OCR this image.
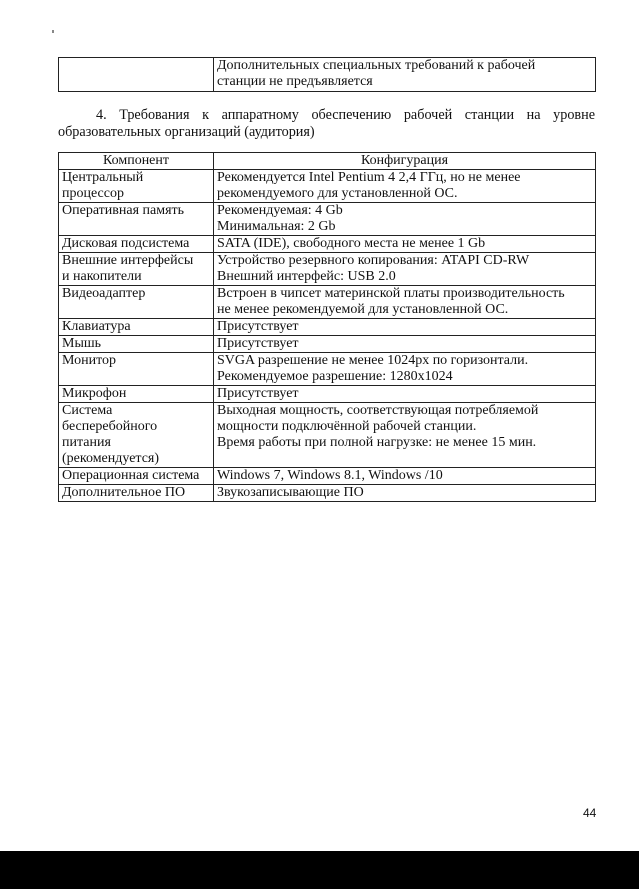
Дополнительных специальных требований к рабочей
станции не предъявляется

4. Требования к аппаратному обеспечению рабочей станции на уровне образовательных организаций (аудитория)

Компонент	Конфигурация

Центральный
процессор	Рекомендуется Intel Pentium 4 2,4 ГГц, но не менее
рекомендуемого для установленной ОС.

Оперативная память	Рекомендуемая: 4 Gb
Минимальная: 2 Gb

Дисковая подсистема	SATA (IDE), свободного места не менее 1 Gb

Внешние интерфейсы
и накопители	Устройство резервного копирования: ATAPI CD-RW
Внешний интерфейс: USB 2.0

Видеоадаптер	Встроен в чипсет материнской платы производительность
не менее рекомендуемой для установленной ОС.

Клавиатура	Присутствует

Мышь	Присутствует

Монитор	SVGA разрешение не менее 1024px по горизонтали.
Рекомендуемое разрешение: 1280x1024

Микрофон	Присутствует

Система
бесперебойного
питания
(рекомендуется)	Выходная мощность, соответствующая потребляемой
мощности подключённой рабочей станции.
Время работы при полной нагрузке: не менее 15 мин.

Операционная система	Windows 7, Windows 8.1, Windows /10

Дополнительное ПО	Звукозаписывающие ПО
44
